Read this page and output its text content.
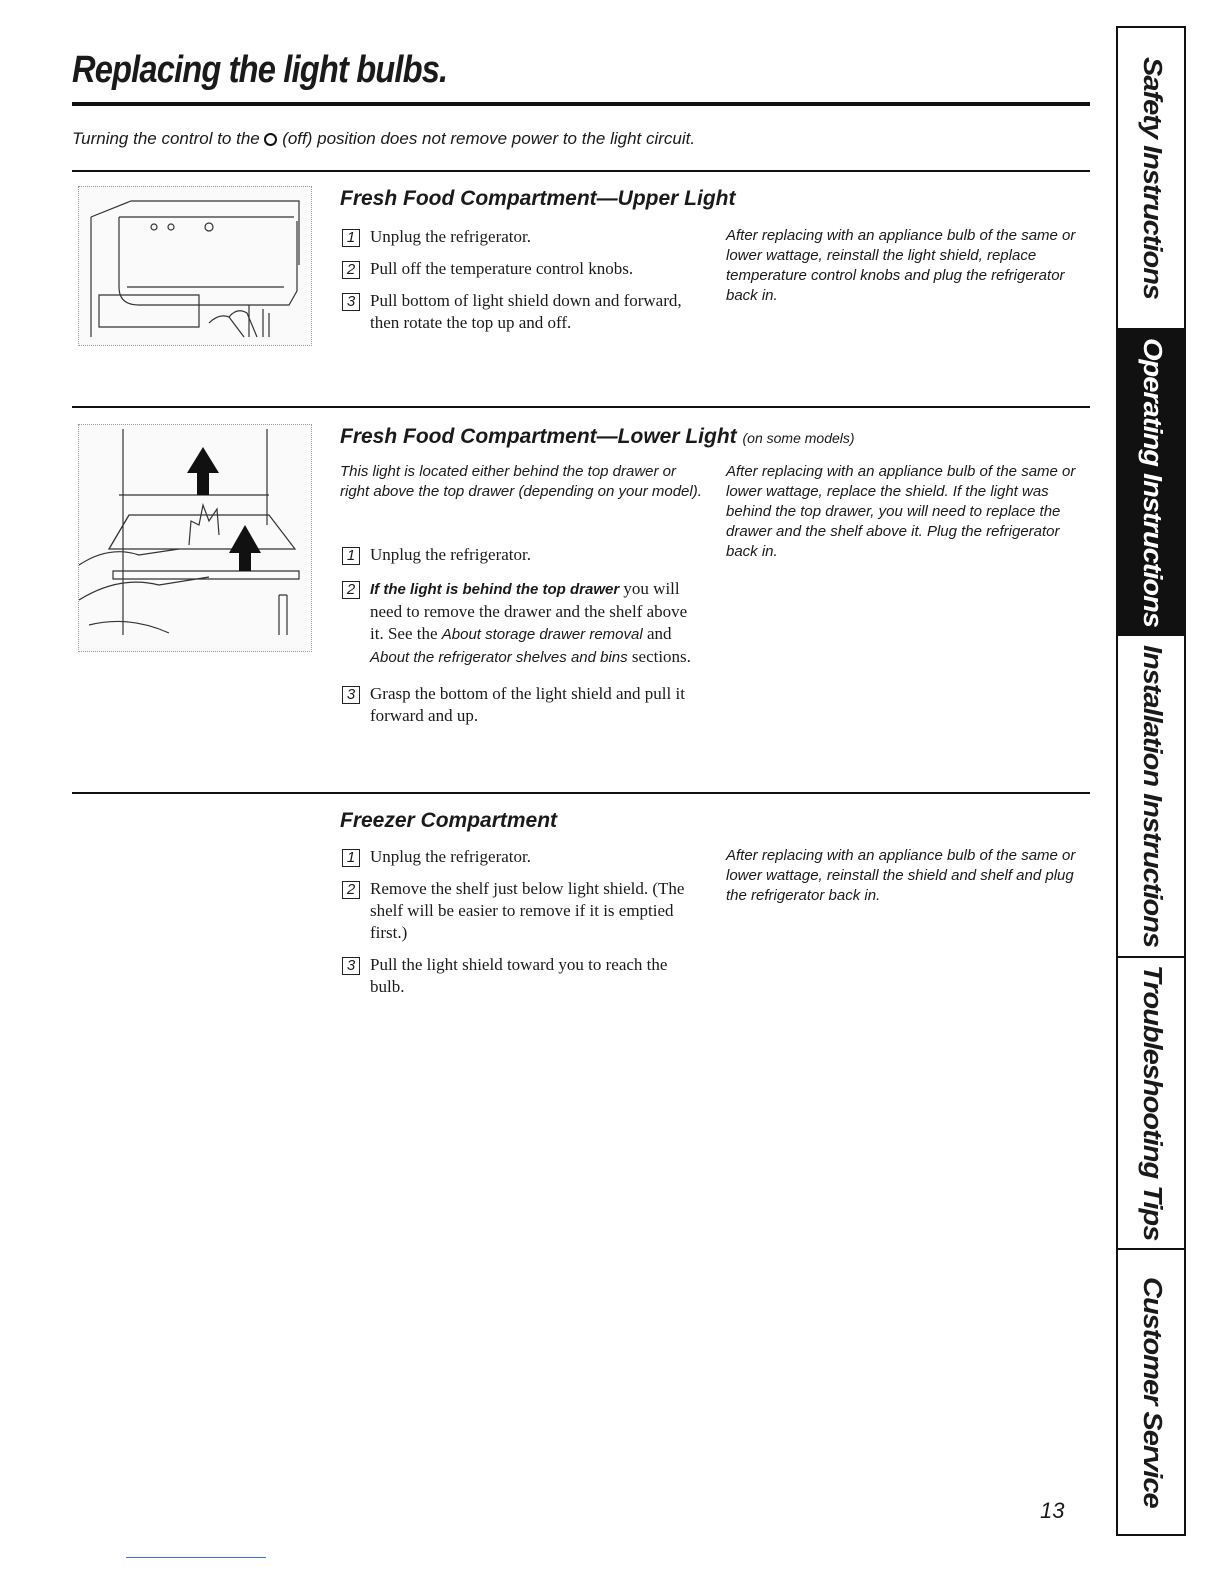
Replacing the light bulbs.
Turning the control to the  (off) position does not remove power to the light circuit.
Fresh Food Compartment—Upper Light
1 Unplug the refrigerator.
2 Pull off the temperature control knobs.
3 Pull bottom of light shield down and forward, then rotate the top up and off.
After replacing with an appliance bulb of the same or lower wattage, reinstall the light shield, replace temperature control knobs and plug the refrigerator back in.
Fresh Food Compartment—Lower Light (on some models)
This light is located either behind the top drawer or right above the top drawer (depending on your model).
1 Unplug the refrigerator.
2 If the light is behind the top drawer you will need to remove the drawer and the shelf above it. See the About storage drawer removal and About the refrigerator shelves and bins sections.
3 Grasp the bottom of the light shield and pull it forward and up.
After replacing with an appliance bulb of the same or lower wattage, replace the shield. If the light was behind the top drawer, you will need to replace the drawer and the shelf above it. Plug the refrigerator back in.
Freezer Compartment
1 Unplug the refrigerator.
2 Remove the shelf just below light shield. (The shelf will be easier to remove if it is emptied first.)
3 Pull the light shield toward you to reach the bulb.
After replacing with an appliance bulb of the same or lower wattage, reinstall the shield and shelf and plug the refrigerator back in.
13
Safety Instructions
Operating Instructions
Installation Instructions
Troubleshooting Tips
Customer Service
